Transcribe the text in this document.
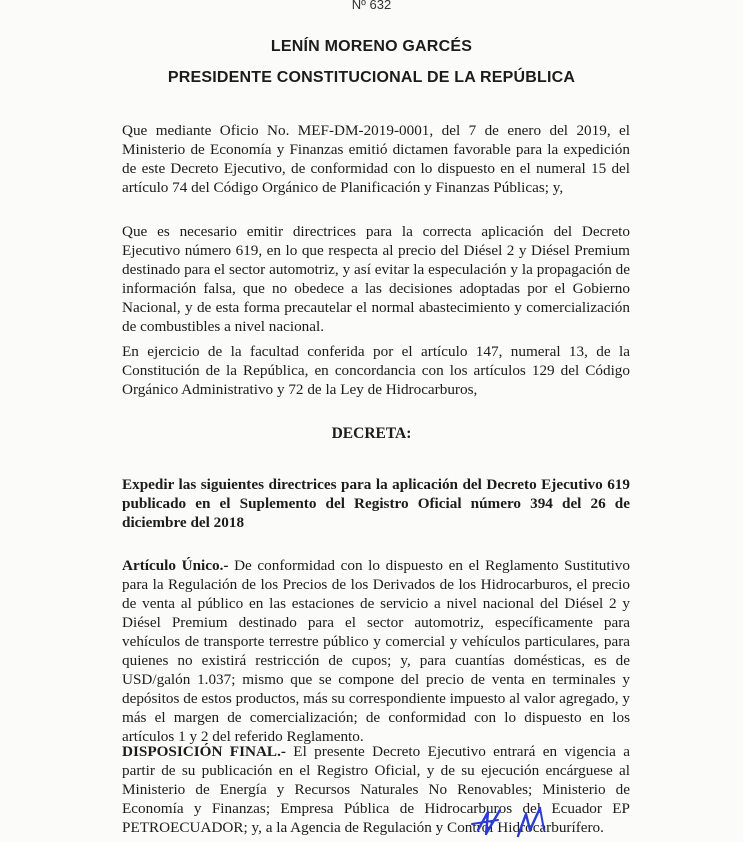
Nº 632
LENÍN MORENO GARCÉS
PRESIDENTE CONSTITUCIONAL DE LA REPÚBLICA

Que mediante Oficio No. MEF-DM-2019-0001, del 7 de enero del 2019, el Ministerio de Economía y Finanzas emitió dictamen favorable para la expedición de este Decreto Ejecutivo, de conformidad con lo dispuesto en el numeral 15 del artículo 74 del Código Orgánico de Planificación y Finanzas Públicas; y,

Que es necesario emitir directrices para la correcta aplicación del Decreto Ejecutivo número 619, en lo que respecta al precio del Diésel 2 y Diésel Premium destinado para el sector automotriz, y así evitar la especulación y la propagación de información falsa, que no obedece a las decisiones adoptadas por el Gobierno Nacional, y de esta forma precautelar el normal abastecimiento y comercialización de combustibles a nivel nacional.

En ejercicio de la facultad conferida por el artículo 147, numeral 13, de la Constitución de la República, en concordancia con los artículos 129 del Código Orgánico Administrativo y 72 de la Ley de Hidrocarburos,

DECRETA:

Expedir las siguientes directrices para la aplicación del Decreto Ejecutivo 619 publicado en el Suplemento del Registro Oficial número 394 del 26 de diciembre del 2018

Artículo Único.- De conformidad con lo dispuesto en el Reglamento Sustitutivo para la Regulación de los Precios de los Derivados de los Hidrocarburos, el precio de venta al público en las estaciones de servicio a nivel nacional del Diésel 2 y Diésel Premium destinado para el sector automotriz, específicamente para vehículos de transporte terrestre público y comercial y vehículos particulares, para quienes no existirá restricción de cupos; y, para cuantías domésticas, es de USD/galón 1.037; mismo que se compone del precio de venta en terminales y depósitos de estos productos, más su correspondiente impuesto al valor agregado, y más el margen de comercialización; de conformidad con lo dispuesto en los artículos 1 y 2 del referido Reglamento.

DISPOSICIÓN FINAL.- El presente Decreto Ejecutivo entrará en vigencia a partir de su publicación en el Registro Oficial, y de su ejecución encárguese al Ministerio de Energía y Recursos Naturales No Renovables; Ministerio de Economía y Finanzas; Empresa Pública de Hidrocarburos del Ecuador EP PETROECUADOR; y, a la Agencia de Regulación y Control Hidrocarburífero.
